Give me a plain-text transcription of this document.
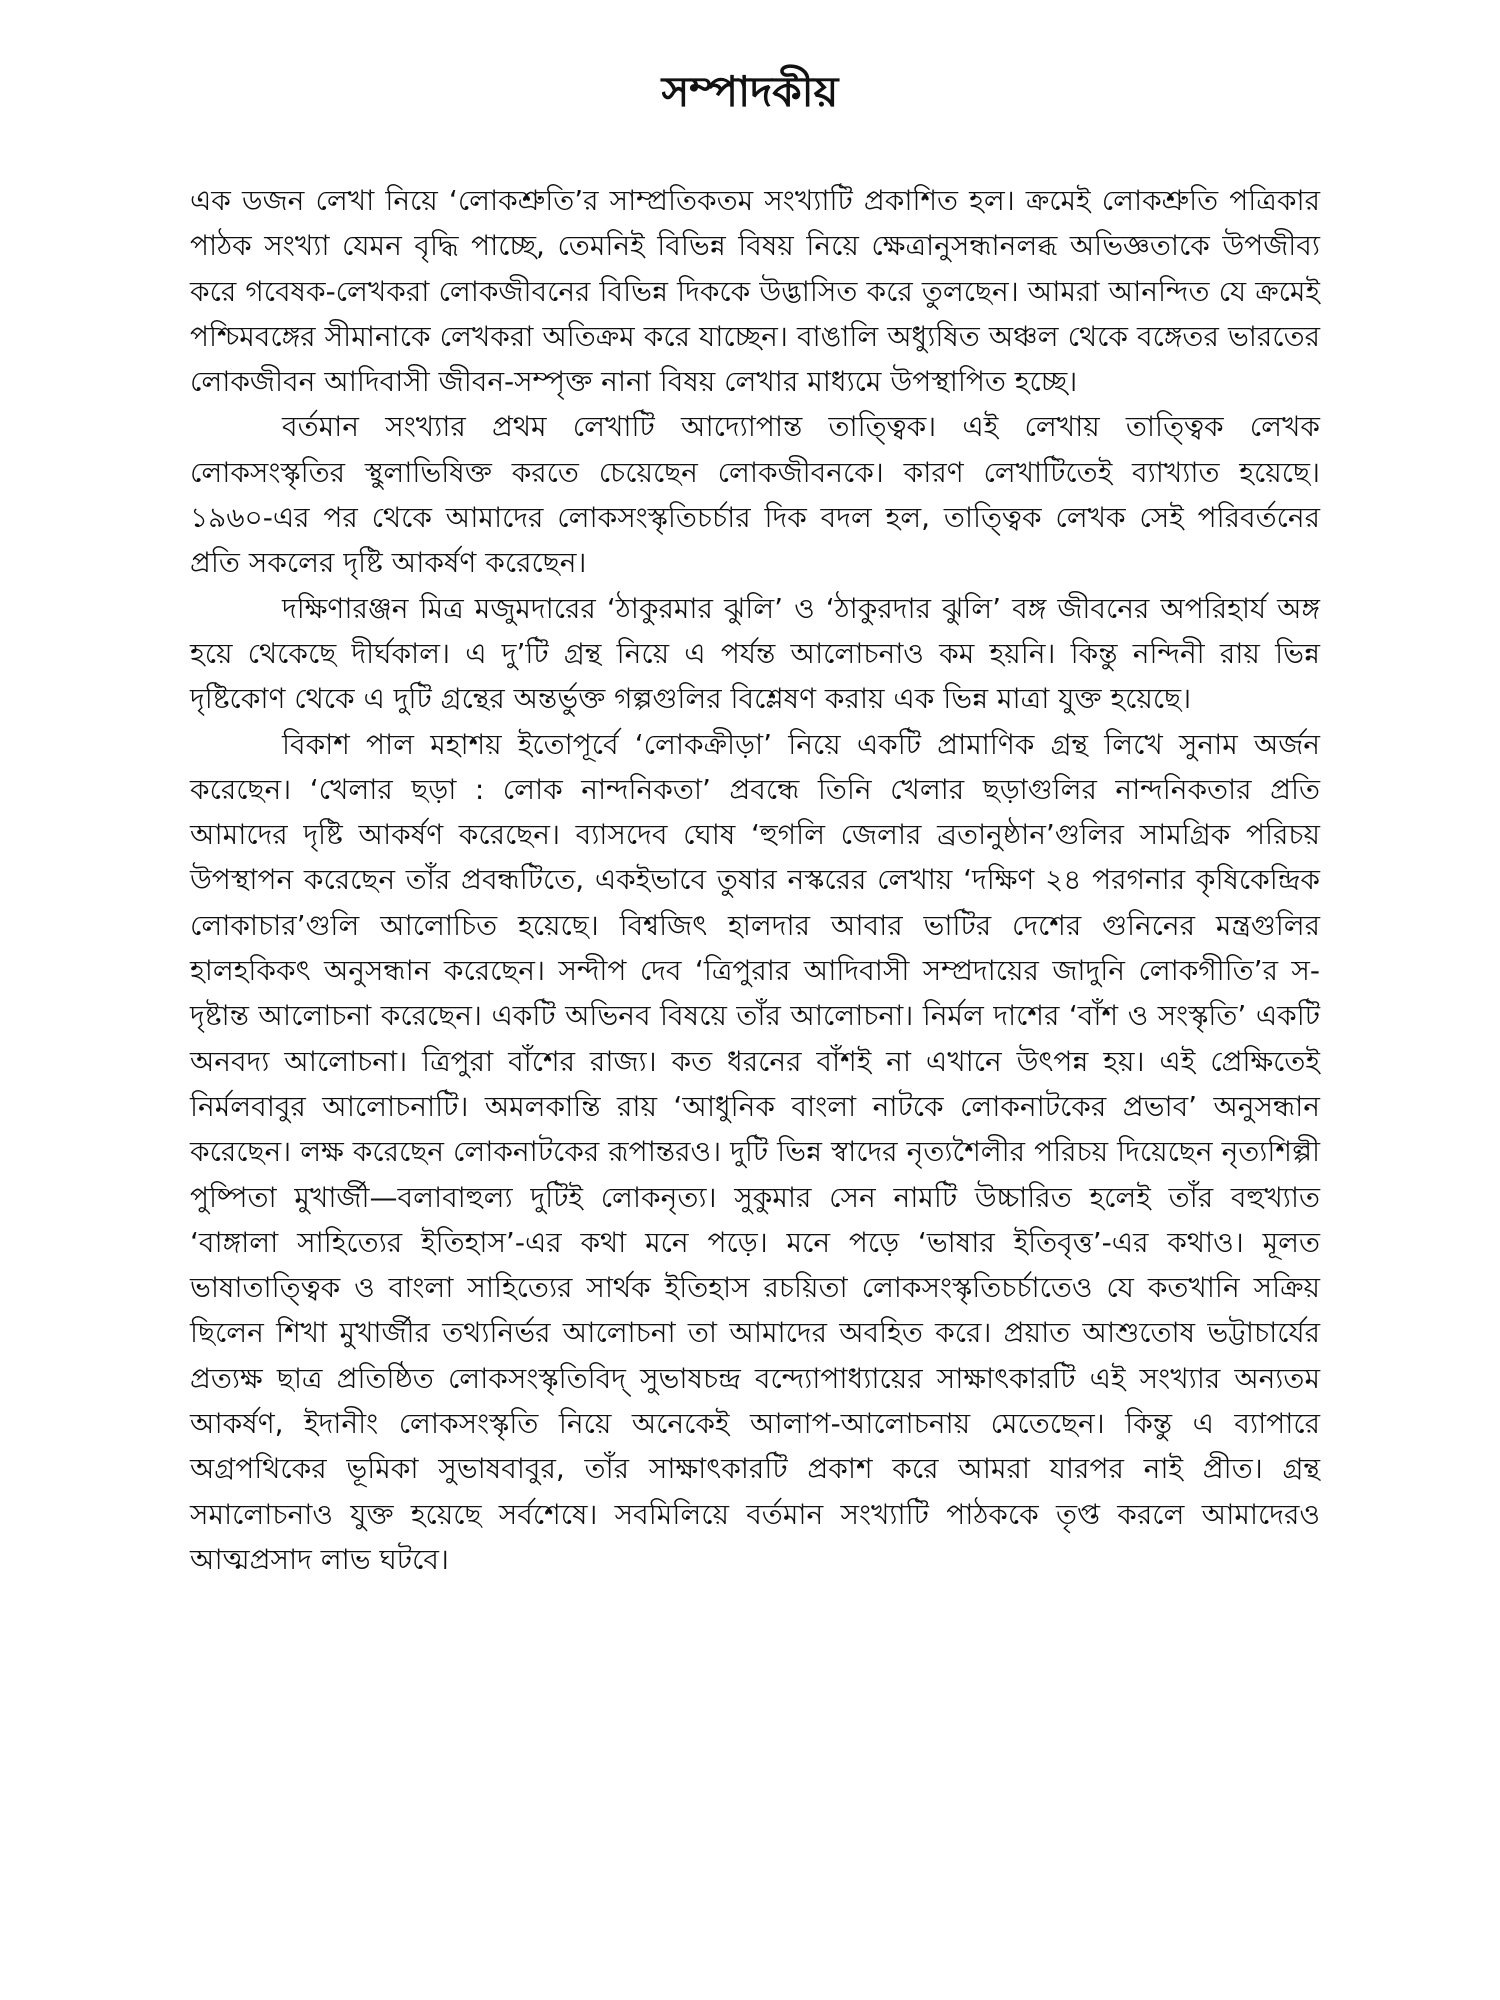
সম্পাদকীয়

এক ডজন লেখা নিয়ে ‘লোকশ্রুতি’র সাম্প্রতিকতম সংখ্যাটি প্রকাশিত হল। ক্রমেই লোকশ্রুতি পত্রিকার পাঠক সংখ্যা যেমন বৃদ্ধি পাচ্ছে, তেমনিই বিভিন্ন বিষয় নিয়ে ক্ষেত্রানুসন্ধানলব্ধ অভিজ্ঞতাকে উপজীব্য করে গবেষক-লেখকরা লোকজীবনের বিভিন্ন দিককে উদ্ভাসিত করে তুলছেন। আমরা আনন্দিত যে ক্রমেই পশ্চিমবঙ্গের সীমানাকে লেখকরা অতিক্রম করে যাচ্ছেন। বাঙালি অধ্যুষিত অঞ্চল থেকে বঙ্গেতর ভারতের লোকজীবন আদিবাসী জীবন-সম্পৃক্ত নানা বিষয় লেখার মাধ্যমে উপস্থাপিত হচ্ছে।

বর্তমান সংখ্যার প্রথম লেখাটি আদ্যোপান্ত তাত্ত্বিক। এই লেখায় তাত্ত্বিক লেখক লোকসংস্কৃতির স্থুলাভিষিক্ত করতে চেয়েছেন লোকজীবনকে। কারণ লেখাটিতেই ব্যাখ্যাত হয়েছে। ১৯৬০-এর পর থেকে আমাদের লোকসংস্কৃতিচর্চার দিক বদল হল, তাত্ত্বিক লেখক সেই পরিবর্তনের প্রতি সকলের দৃষ্টি আকর্ষণ করেছেন।

দক্ষিণারঞ্জন মিত্র মজুমদারের ‘ঠাকুরমার ঝুলি’ ও ‘ঠাকুরদার ঝুলি’ বঙ্গ জীবনের অপরিহার্য অঙ্গ হয়ে থেকেছে দীর্ঘকাল। এ দু’টি গ্রন্থ নিয়ে এ পর্যন্ত আলোচনাও কম হয়নি। কিন্তু নন্দিনী রায় ভিন্ন দৃষ্টিকোণ থেকে এ দুটি গ্রন্থের অন্তর্ভুক্ত গল্পগুলির বিশ্লেষণ করায় এক ভিন্ন মাত্রা যুক্ত হয়েছে।

বিকাশ পাল মহাশয় ইতোপূর্বে ‘লোকক্রীড়া’ নিয়ে একটি প্রামাণিক গ্রন্থ লিখে সুনাম অর্জন করেছেন। ‘খেলার ছড়া : লোক নান্দনিকতা’ প্রবন্ধে তিনি খেলার ছড়াগুলির নান্দনিকতার প্রতি আমাদের দৃষ্টি আকর্ষণ করেছেন। ব্যাসদেব ঘোষ ‘হুগলি জেলার ব্রতানুষ্ঠান’গুলির সামগ্রিক পরিচয় উপস্থাপন করেছেন তাঁর প্রবন্ধটিতে, একইভাবে তুষার নস্করের লেখায় ‘দক্ষিণ ২৪ পরগনার কৃষিকেন্দ্রিক লোকাচার’গুলি আলোচিত হয়েছে। বিশ্বজিৎ হালদার আবার ভাটির দেশের গুনিনের মন্ত্রগুলির হালহকিকৎ অনুসন্ধান করেছেন। সন্দীপ দেব ‘ত্রিপুরার আদিবাসী সম্প্রদায়ের জাদুনি লোকগীতি’র স-দৃষ্টান্ত আলোচনা করেছেন। একটি অভিনব বিষয়ে তাঁর আলোচনা। নির্মল দাশের ‘বাঁশ ও সংস্কৃতি’ একটি অনবদ্য আলোচনা। ত্রিপুরা বাঁশের রাজ্য। কত ধরনের বাঁশই না এখানে উৎপন্ন হয়। এই প্রেক্ষিতেই নির্মলবাবুর আলোচনাটি। অমলকান্তি রায় ‘আধুনিক বাংলা নাটকে লোকনাটকের প্রভাব’ অনুসন্ধান করেছেন। লক্ষ করেছেন লোকনাটকের রূপান্তরও। দুটি ভিন্ন স্বাদের নৃত্যশৈলীর পরিচয় দিয়েছেন নৃত্যশিল্পী পুষ্পিতা মুখার্জী—বলাবাহুল্য দুটিই লোকনৃত্য। সুকুমার সেন নামটি উচ্চারিত হলেই তাঁর বহুখ্যাত ‘বাঙ্গালা সাহিত্যের ইতিহাস’-এর কথা মনে পড়ে। মনে পড়ে ‘ভাষার ইতিবৃত্ত’-এর কথাও। মূলত ভাষাতাত্ত্বিক ও বাংলা সাহিত্যের সার্থক ইতিহাস রচয়িতা লোকসংস্কৃতিচর্চাতেও যে কতখানি সক্রিয় ছিলেন শিখা মুখার্জীর তথ্যনির্ভর আলোচনা তা আমাদের অবহিত করে। প্রয়াত আশুতোষ ভট্টাচার্যের প্রত্যক্ষ ছাত্র প্রতিষ্ঠিত লোকসংস্কৃতিবিদ্ সুভাষচন্দ্র বন্দ্যোপাধ্যায়ের সাক্ষাৎকারটি এই সংখ্যার অন্যতম আকর্ষণ, ইদানীং লোকসংস্কৃতি নিয়ে অনেকেই আলাপ-আলোচনায় মেতেছেন। কিন্তু এ ব্যাপারে অগ্রপথিকের ভূমিকা সুভাষবাবুর, তাঁর সাক্ষাৎকারটি প্রকাশ করে আমরা যারপর নাই প্রীত। গ্রন্থ সমালোচনাও যুক্ত হয়েছে সর্বশেষে। সবমিলিয়ে বর্তমান সংখ্যাটি পাঠককে তৃপ্ত করলে আমাদেরও আত্মপ্রসাদ লাভ ঘটবে।
